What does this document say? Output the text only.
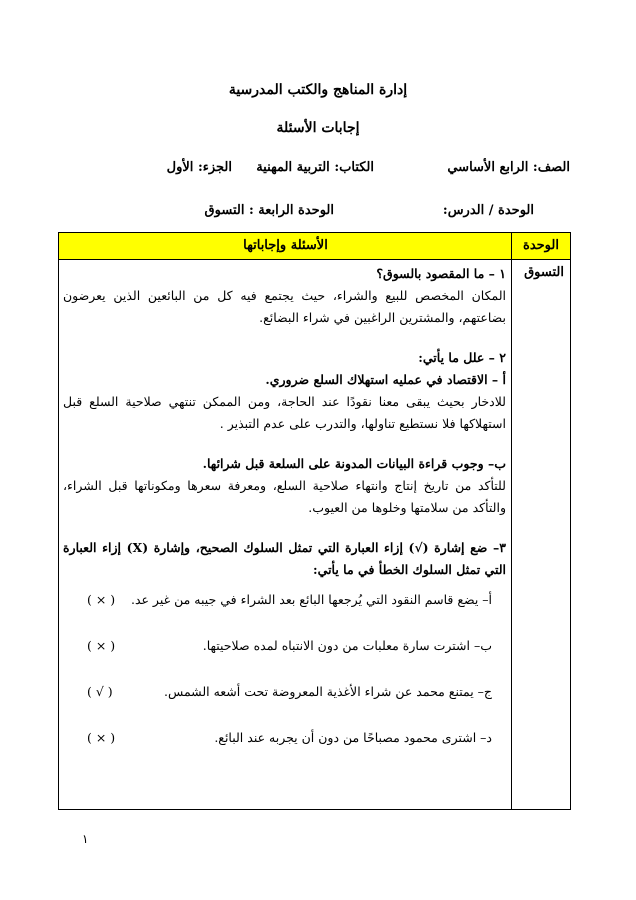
إدارة المناهج والكتب المدرسية
إجابات الأسئلة
الصف: الرابع الأساسي
الكتاب: التربية المهنية
الجزء: الأول
الوحدة / الدرس:
الوحدة الرابعة : التسوق
الوحدة
الأسئلة وإجاباتها
التسوق
١ – ما المقصود بالسوق؟
المكان المخصص للبيع والشراء، حيث يجتمع فيه كل من البائعين الذين يعرضون بضاعتهم، والمشترين الراغبين في شراء البضائع.
٢ – علل ما يأتي:
أ – الاقتصاد في عمليه استهلاك السلع ضروري.
للادخار بحيث يبقى معنا نقودًا عند الحاجة، ومن الممكن تنتهي صلاحية السلع قبل استهلاكها فلا نستطيع تناولها، والتدرب على عدم التبذير .
ب– وجوب قراءة البيانات المدونة على السلعة قبل شرائها.
للتأكد من تاريخ إنتاج وانتهاء صلاحية السلع، ومعرفة سعرها ومكوناتها قبل الشراء، والتأكد من سلامتها وخلوها من العيوب.
٣– ضع إشارة (√) إزاء العبارة التي تمثل السلوك الصحيح، وإشارة (X) إزاء العبارة التي تمثل السلوك الخطأ في ما يأتي:
أ– يضع قاسم النقود التي يُرجعها البائع بعد الشراء في جيبه من غير عد.
( × )
ب– اشترت سارة معلبات من دون الانتباه لمده صلاحيتها.
( × )
ج– يمتنع محمد عن شراء الأغذية المعروضة تحت أشعه الشمس.
( √ )
د– اشترى محمود مصباحًا من دون أن يجربه عند البائع.
( × )
١
